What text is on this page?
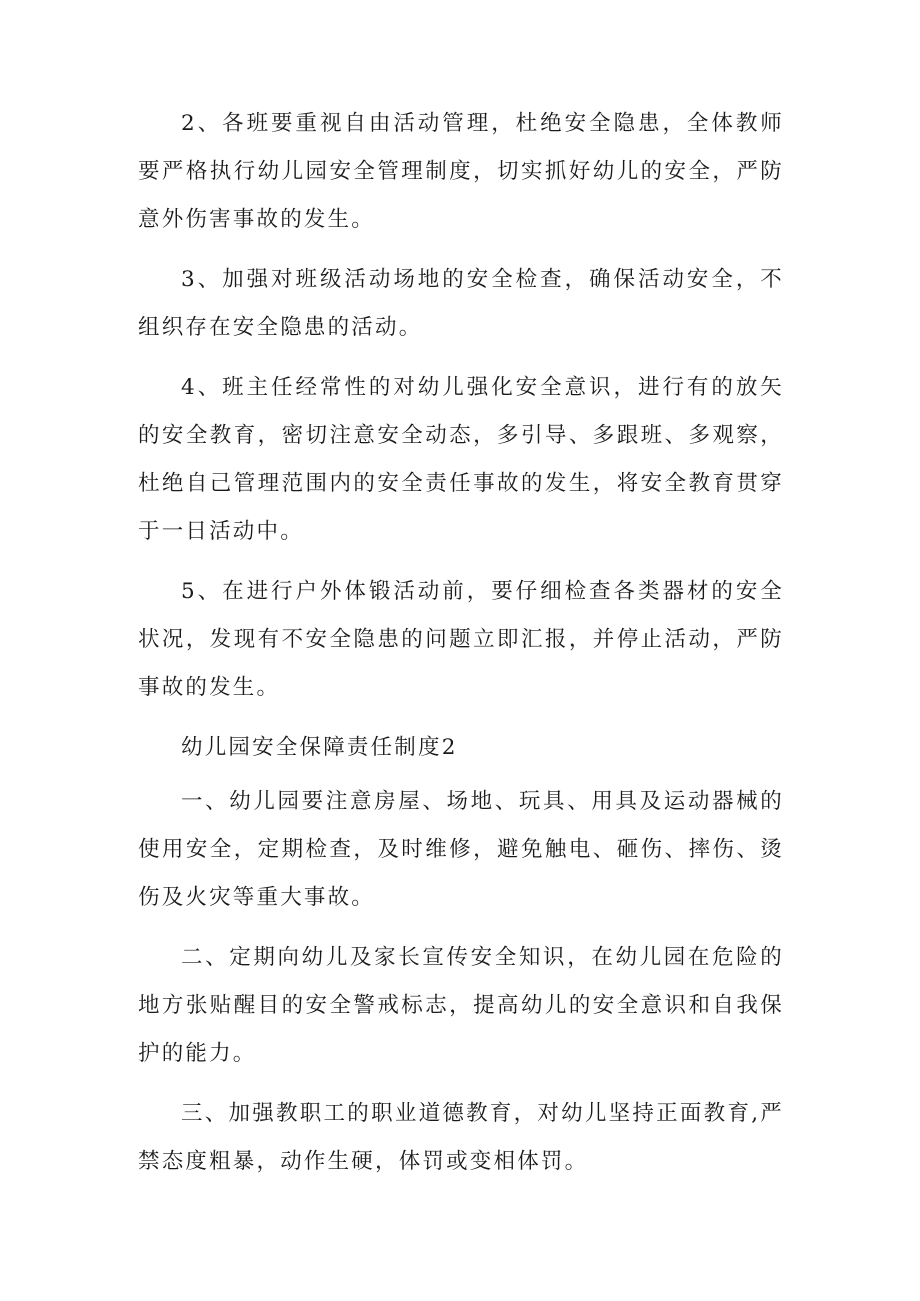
2、各班要重视自由活动管理，杜绝安全隐患，全体教师要严格执行幼儿园安全管理制度，切实抓好幼儿的安全，严防意外伤害事故的发生。

3、加强对班级活动场地的安全检查，确保活动安全，不组织存在安全隐患的活动。

4、班主任经常性的对幼儿强化安全意识，进行有的放矢的安全教育，密切注意安全动态，多引导、多跟班、多观察，杜绝自己管理范围内的安全责任事故的发生，将安全教育贯穿于一日活动中。

5、在进行户外体锻活动前，要仔细检查各类器材的安全状况，发现有不安全隐患的问题立即汇报，并停止活动，严防事故的发生。

幼儿园安全保障责任制度2

一、幼儿园要注意房屋、场地、玩具、用具及运动器械的使用安全，定期检查，及时维修，避免触电、砸伤、摔伤、烫伤及火灾等重大事故。

二、定期向幼儿及家长宣传安全知识，在幼儿园在危险的地方张贴醒目的安全警戒标志，提高幼儿的安全意识和自我保护的能力。

三、加强教职工的职业道德教育，对幼儿坚持正面教育,严禁态度粗暴，动作生硬，体罚或变相体罚。
